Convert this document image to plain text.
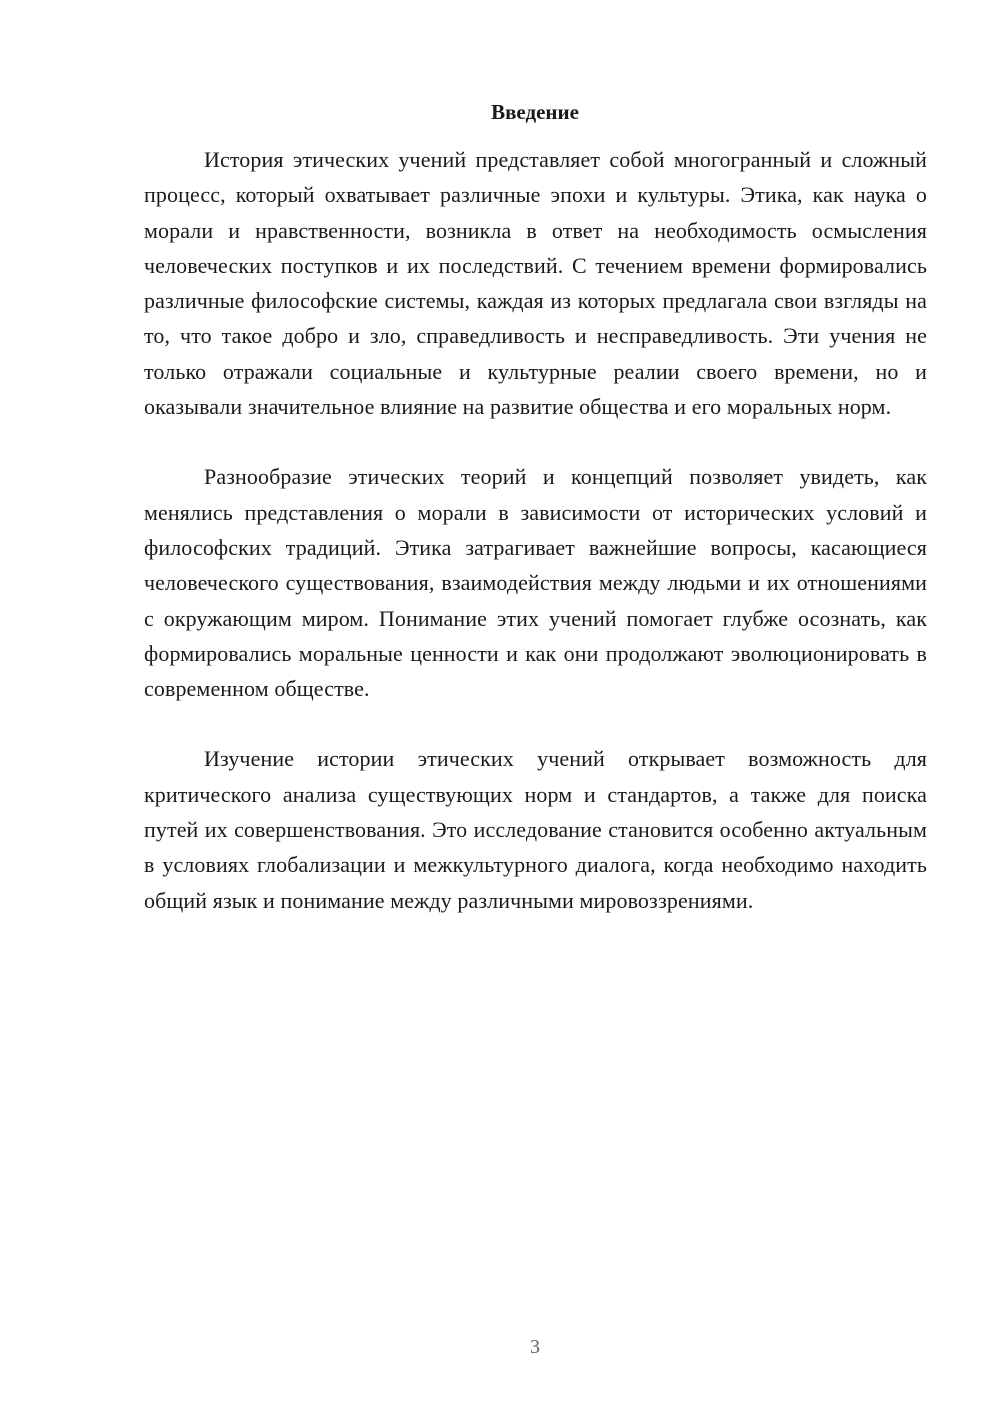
Введение

История этических учений представляет собой многогранный и сложный процесс, который охватывает различные эпохи и культуры. Этика, как наука о морали и нравственности, возникла в ответ на необходимость осмысления человеческих поступков и их последствий. С течением времени формировались различные философские системы, каждая из которых предлагала свои взгляды на то, что такое добро и зло, справедливость и несправедливость. Эти учения не только отражали социальные и культурные реалии своего времени, но и оказывали значительное влияние на развитие общества и его моральных норм.

Разнообразие этических теорий и концепций позволяет увидеть, как менялись представления о морали в зависимости от исторических условий и философских традиций. Этика затрагивает важнейшие вопросы, касающиеся человеческого существования, взаимодействия между людьми и их отношениями с окружающим миром. Понимание этих учений помогает глубже осознать, как формировались моральные ценности и как они продолжают эволюционировать в современном обществе.

Изучение истории этических учений открывает возможность для критического анализа существующих норм и стандартов, а также для поиска путей их совершенствования. Это исследование становится особенно актуальным в условиях глобализации и межкультурного диалога, когда необходимо находить общий язык и понимание между различными мировоззрениями.

3
